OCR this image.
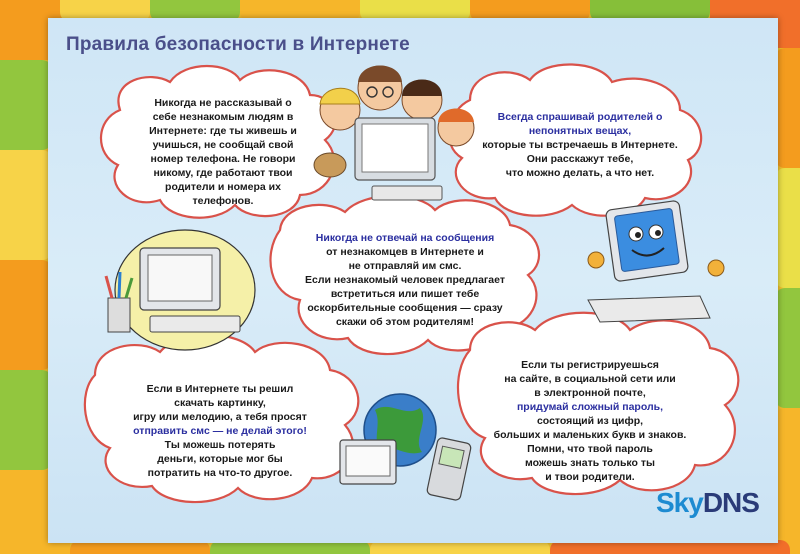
Правила безопасности в Интернете
Никогда не рассказывай о
себе незнакомым людям в
Интернете: где ты живешь и
учишься, не сообщай свой
номер телефона. Не говори
никому, где работают твои
родители и номера их
телефонов.
Всегда спрашивай родителей о
непонятных вещах,
которые ты встречаешь в Интернете.
Они расскажут тебе,
что можно делать, а что нет.
Никогда не отвечай на сообщения
от незнакомцев в Интернете и
не отправляй им смс.
Если незнакомый человек предлагает
встретиться или пишет тебе
оскорбительные сообщения — сразу
скажи об этом родителям!
Если в Интернете ты решил
скачать картинку,
игру или мелодию, а тебя просят
отправить смс — не делай этого!
Ты можешь потерять
деньги, которые мог бы
потратить на что-то другое.
Если ты регистрируешься
на сайте, в социальной сети или
в электронной почте,
придумай сложный пароль,
состоящий из цифр,
больших и маленьких букв и знаков.
Помни, что твой пароль
можешь знать только ты
и твои родители.
SkyDNS
